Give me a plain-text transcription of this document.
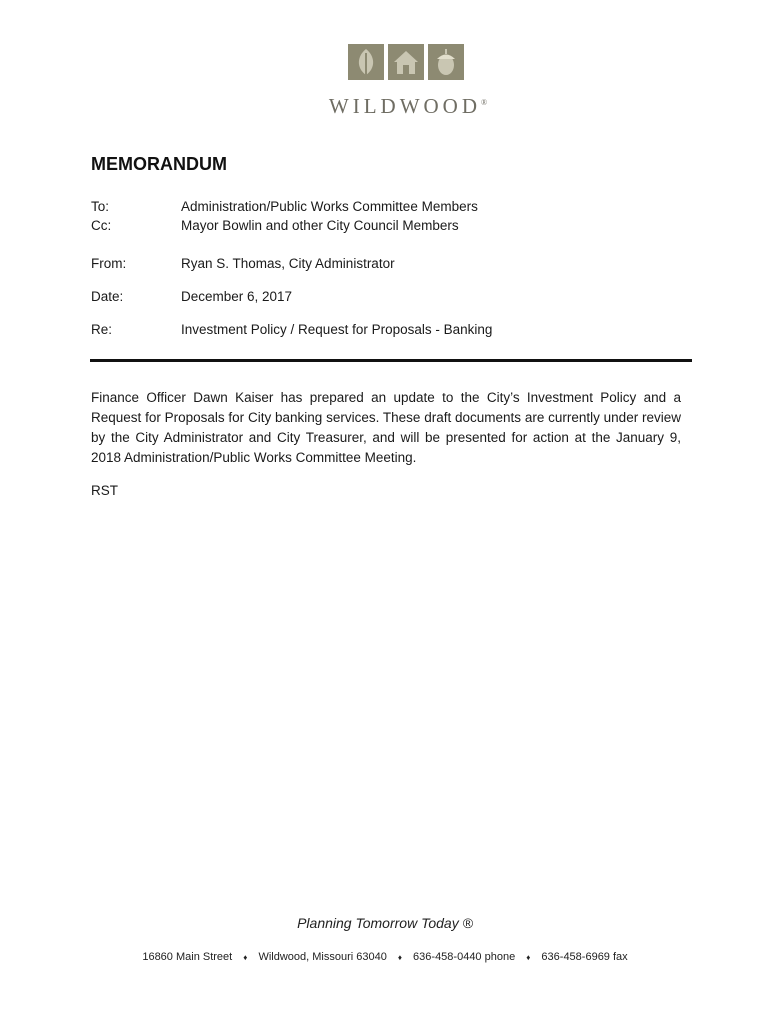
WILDWOOD®
MEMORANDUM
To:	Administration/Public Works Committee Members
Cc:	Mayor Bowlin and other City Council Members
From:	Ryan S. Thomas, City Administrator
Date:	December 6, 2017
Re:	Investment Policy / Request for Proposals - Banking
Finance Officer Dawn Kaiser has prepared an update to the City’s Investment Policy and a Request for Proposals for City banking services. These draft documents are currently under review by the City Administrator and City Treasurer, and will be presented for action at the January 9, 2018 Administration/Public Works Committee Meeting.
RST
Planning Tomorrow Today ®
16860 Main Street ♦ Wildwood, Missouri 63040 ♦ 636-458-0440 phone ♦ 636-458-6969 fax
